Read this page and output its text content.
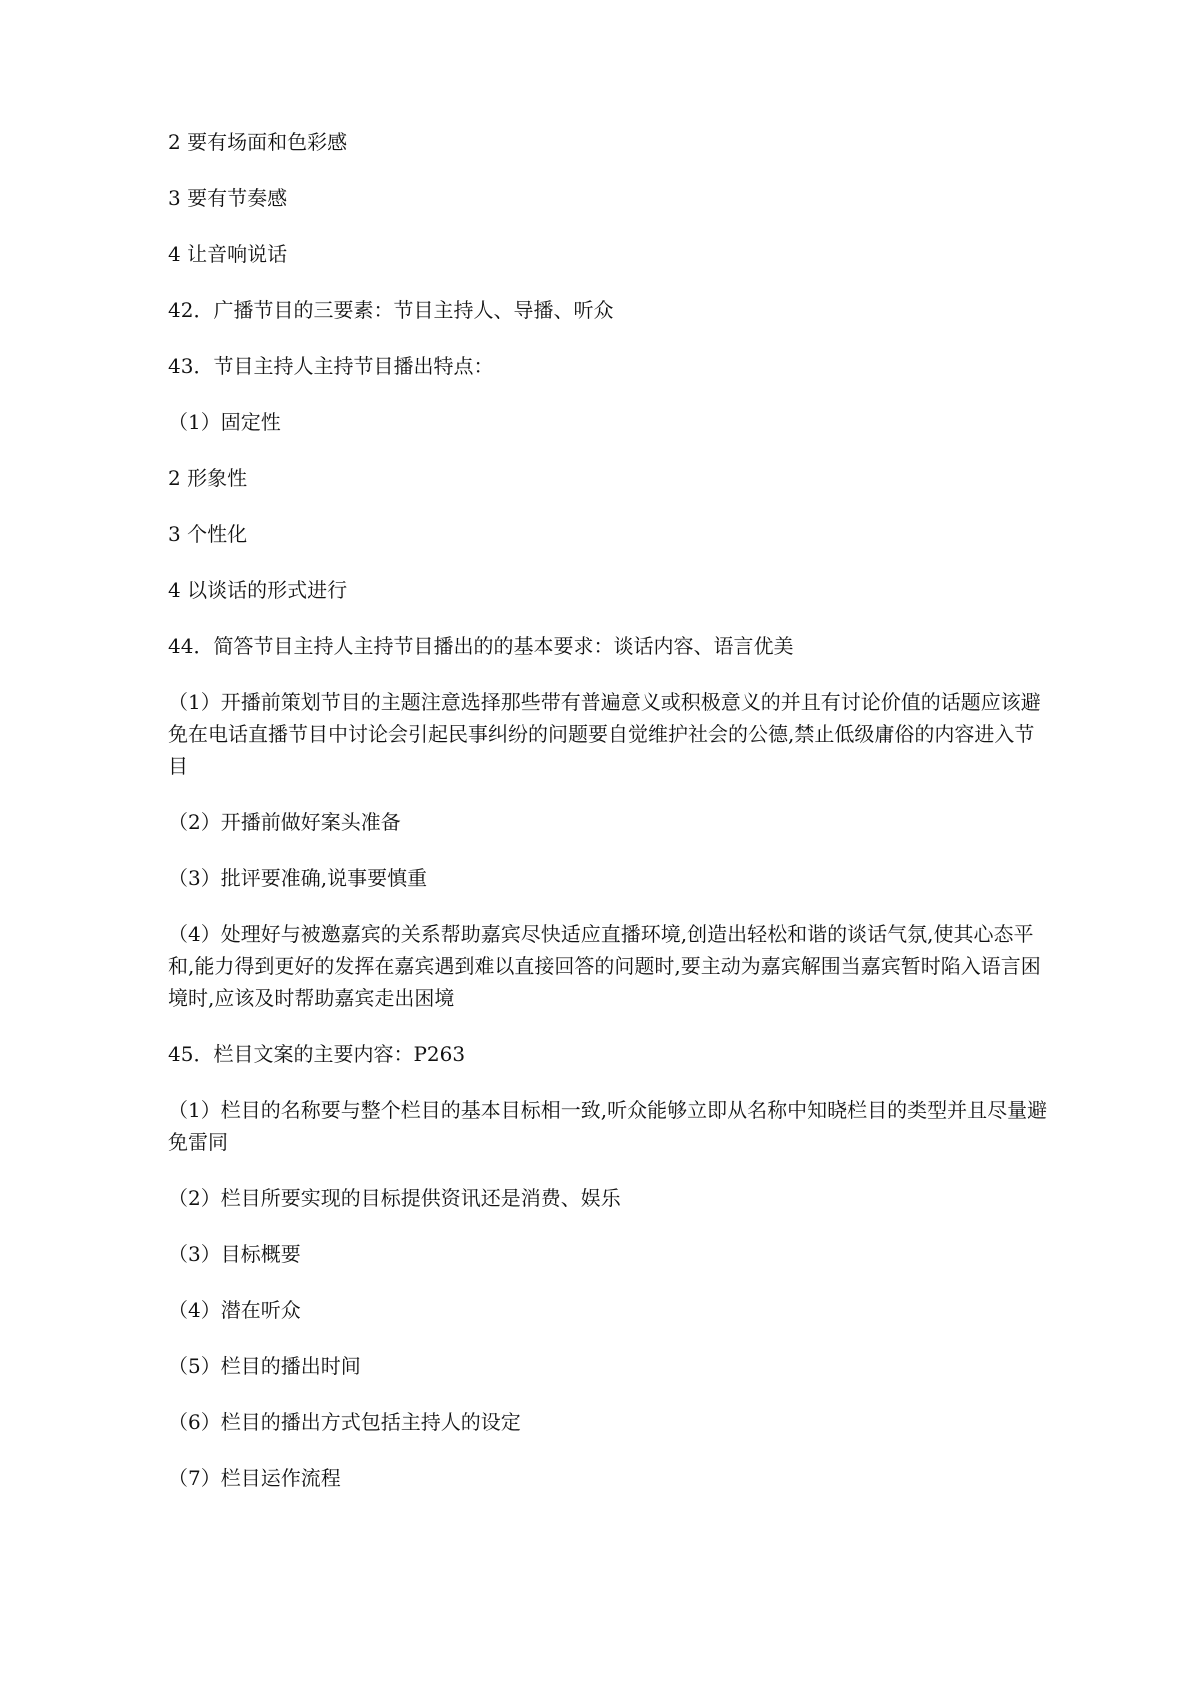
2 要有场面和色彩感

3 要有节奏感

4 让音响说话

42．广播节目的三要素：节目主持人、导播、听众

43．节目主持人主持节目播出特点：

（1）固定性

2 形象性

3 个性化

4 以谈话的形式进行

44．简答节目主持人主持节目播出的的基本要求：谈话内容、语言优美

（1）开播前策划节目的主题注意选择那些带有普遍意义或积极意义的并且有讨论价值的话题应该避免在电话直播节目中讨论会引起民事纠纷的问题要自觉维护社会的公德,禁止低级庸俗的内容进入节目

（2）开播前做好案头准备

（3）批评要准确,说事要慎重

（4）处理好与被邀嘉宾的关系帮助嘉宾尽快适应直播环境,创造出轻松和谐的谈话气氛,使其心态平和,能力得到更好的发挥在嘉宾遇到难以直接回答的问题时,要主动为嘉宾解围当嘉宾暂时陷入语言困境时,应该及时帮助嘉宾走出困境

45．栏目文案的主要内容：P263

（1）栏目的名称要与整个栏目的基本目标相一致,听众能够立即从名称中知晓栏目的类型并且尽量避免雷同

（2）栏目所要实现的目标提供资讯还是消费、娱乐

（3）目标概要

（4）潜在听众

（5）栏目的播出时间

（6）栏目的播出方式包括主持人的设定

（7）栏目运作流程
